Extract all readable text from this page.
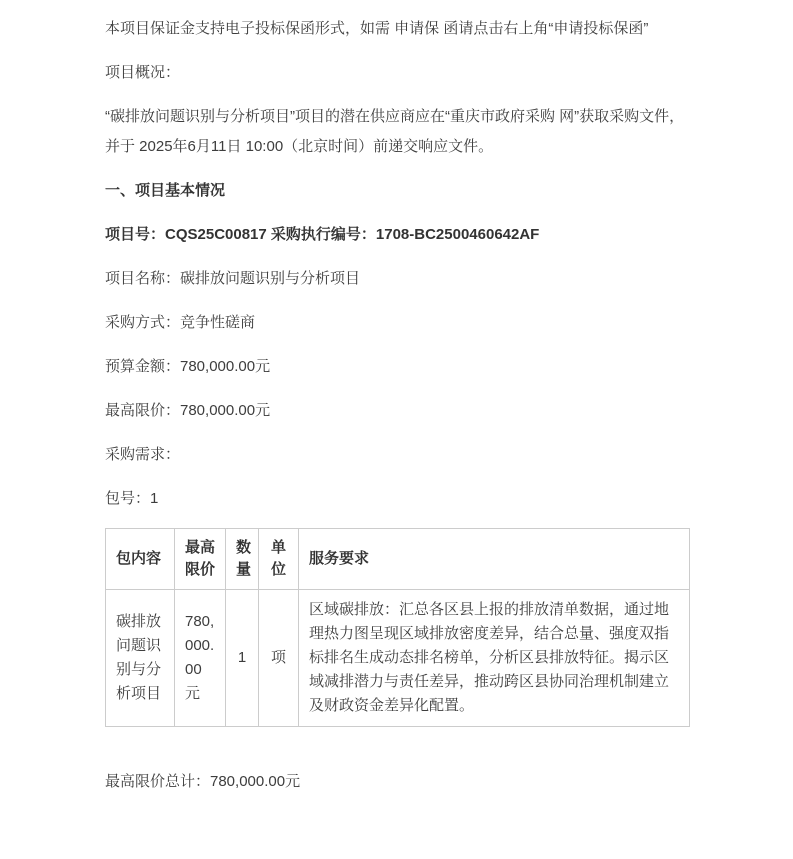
本项目保证金支持电子投标保函形式，如需 申请保 函请点击右上角“申请投标保函”

项目概况：

“碳排放问题识别与分析项目”项目的潜在供应商应在“重庆市政府采购 网”获取采购文件，并于 2025年6月11日 10:00（北京时间）前递交响应文件。

一、项目基本情况

项目号：CQS25C00817 采购执行编号：1708-BC2500460642AF

项目名称：碳排放问题识别与分析项目

采购方式：竞争性磋商

预算金额：780,000.00元

最高限价：780,000.00元

采购需求：

包号：1

包内容	最高限价	数量	单位	服务要求
碳排放问题识别与分析项目	780,000.00元	1	项	区域碳排放：汇总各区县上报的排放清单数据，通过地理热力图呈现区域排放密度差异，结合总量、强度双指标排名生成动态排名榜单，分析区县排放特征。揭示区域减排潜力与责任差异，推动跨区县协同治理机制建立及财政资金差异化配置。

最高限价总计：780,000.00元
